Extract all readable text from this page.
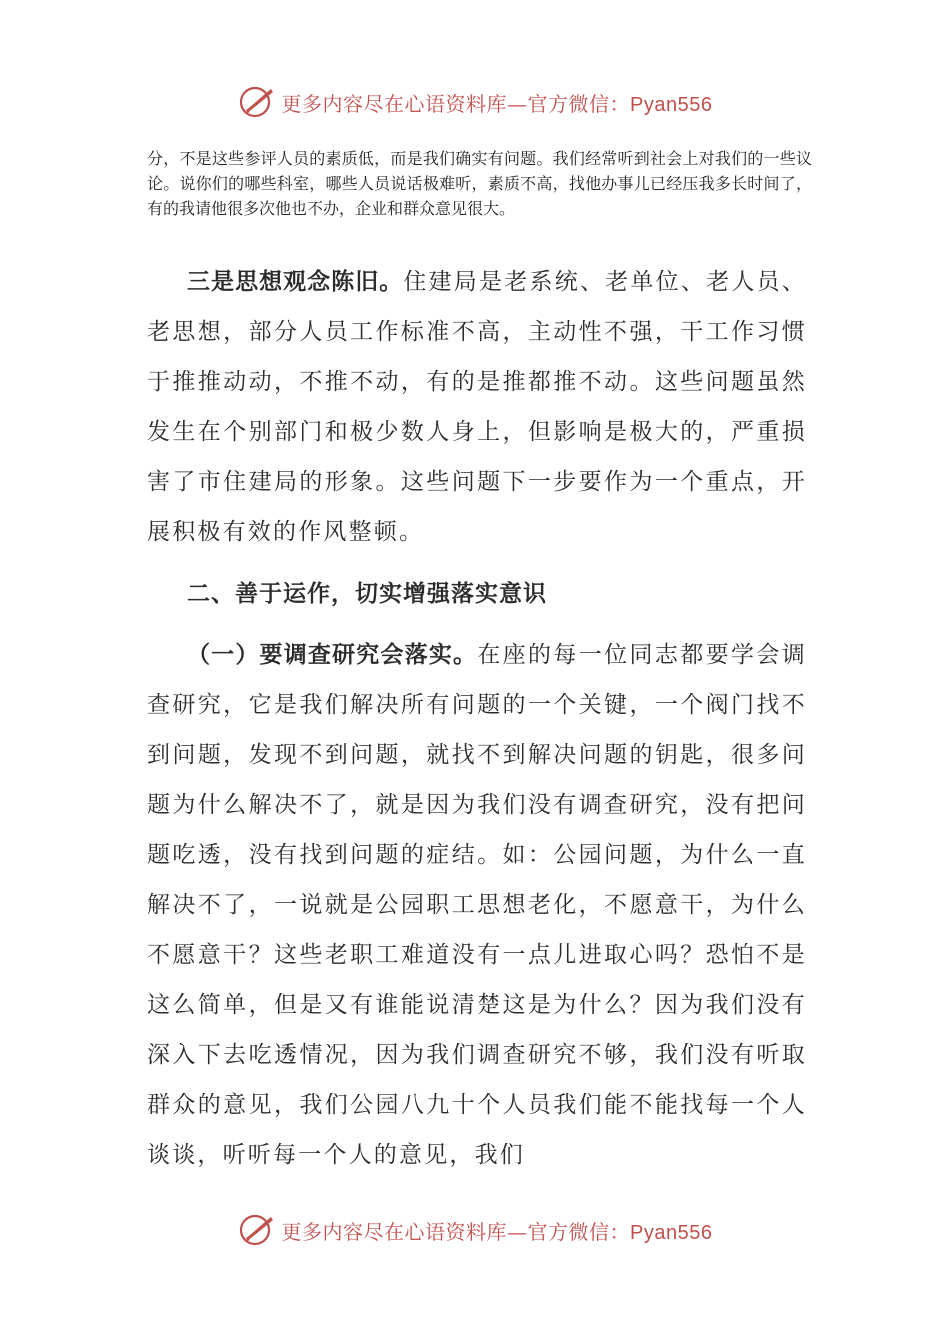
更多内容尽在心语资料库—官方微信：Pyan556

分，不是这些参评人员的素质低，而是我们确实有问题。我们经常听到社会上对我们的一些议论。说你们的哪些科室，哪些人员说话极难听，素质不高，找他办事儿已经压我多长时间了，有的我请他很多次他也不办，企业和群众意见很大。

三是思想观念陈旧。住建局是老系统、老单位、老人员、老思想，部分人员工作标准不高，主动性不强，干工作习惯于推推动动，不推不动，有的是推都推不动。这些问题虽然发生在个别部门和极少数人身上，但影响是极大的，严重损害了市住建局的形象。这些问题下一步要作为一个重点，开展积极有效的作风整顿。

二、善于运作，切实增强落实意识

（一）要调查研究会落实。在座的每一位同志都要学会调查研究，它是我们解决所有问题的一个关键，一个阀门找不到问题，发现不到问题，就找不到解决问题的钥匙，很多问题为什么解决不了，就是因为我们没有调查研究，没有把问题吃透，没有找到问题的症结。如：公园问题，为什么一直解决不了，一说就是公园职工思想老化，不愿意干，为什么不愿意干？这些老职工难道没有一点儿进取心吗？恐怕不是这么简单，但是又有谁能说清楚这是为什么？因为我们没有深入下去吃透情况，因为我们调查研究不够，我们没有听取群众的意见，我们公园八九十个人员我们能不能找每一个人谈谈，听听每一个人的意见，我们

更多内容尽在心语资料库—官方微信：Pyan556
